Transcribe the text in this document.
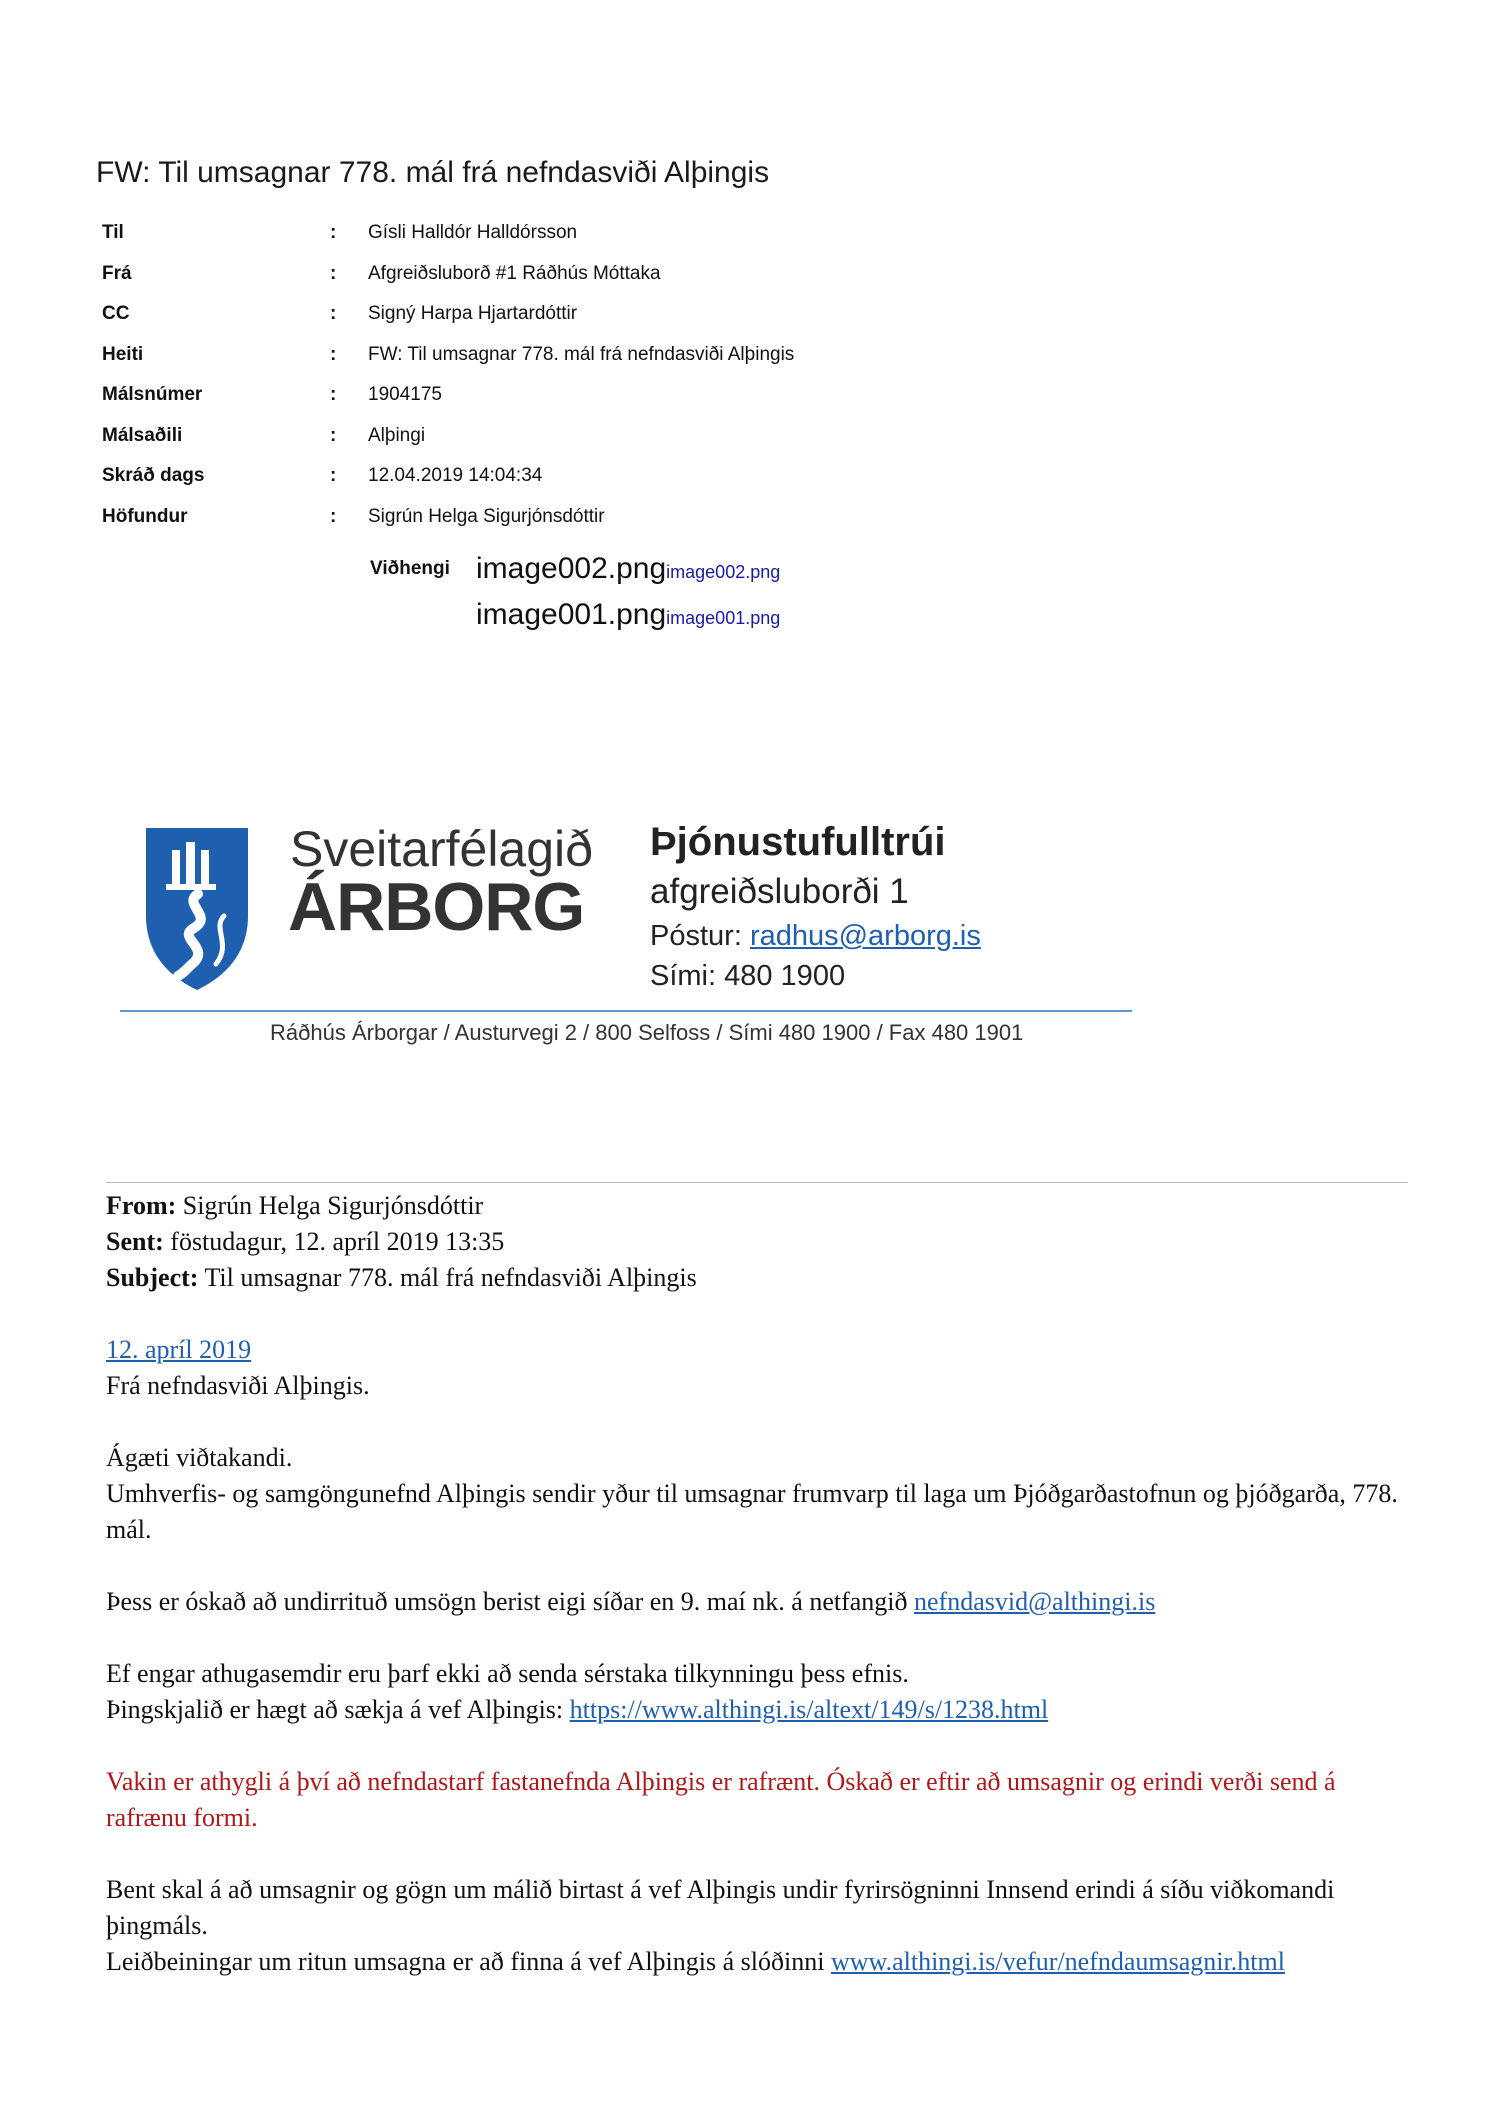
FW: Til umsagnar 778. mál frá nefndasviði Alþingis
Til	:	Gísli Halldór Halldórsson
Frá	:	Afgreiðsluborð #1 Ráðhús Móttaka
CC	:	Signý Harpa Hjartardóttir
Heiti	:	FW: Til umsagnar 778. mál frá nefndasviði Alþingis
Málsnúmer	:	1904175
Málsaðili	:	Alþingi
Skráð dags	:	12.04.2019 14:04:34
Höfundur	:	Sigrún Helga Sigurjónsdóttir
Viðhengi image002.pngimage002.png
image001.pngimage001.png
Sveitarfélagið
ÁRBORG
Þjónustufulltrúi
afgreiðsluborði 1
Póstur: radhus@arborg.is
Sími: 480 1900
Ráðhús Árborgar / Austurvegi 2 / 800 Selfoss / Sími 480 1900 / Fax 480 1901

From: Sigrún Helga Sigurjónsdóttir

Sent: föstudagur, 12. apríl 2019 13:35

Subject: Til umsagnar 778. mál frá nefndasviði Alþingis

12. apríl 2019

Frá nefndasviði Alþingis.

Ágæti viðtakandi.

Umhverfis- og samgöngunefnd Alþingis sendir yður til umsagnar frumvarp til laga um Þjóðgarðastofnun og þjóðgarða, 778. mál.

Þess er óskað að undirrituð umsögn berist eigi síðar en 9. maí nk. á netfangið nefndasvid@althingi.is

Ef engar athugasemdir eru þarf ekki að senda sérstaka tilkynningu þess efnis.

Þingskjalið er hægt að sækja á vef Alþingis: https://www.althingi.is/altext/149/s/1238.html

Vakin er athygli á því að nefndastarf fastanefnda Alþingis er rafrænt. Óskað er eftir að umsagnir og erindi verði send á rafrænu formi.

Bent skal á að umsagnir og gögn um málið birtast á vef Alþingis undir fyrirsögninni Innsend erindi á síðu viðkomandi þingmáls.

Leiðbeiningar um ritun umsagna er að finna á vef Alþingis á slóðinni www.althingi.is/vefur/nefndaumsagnir.html
